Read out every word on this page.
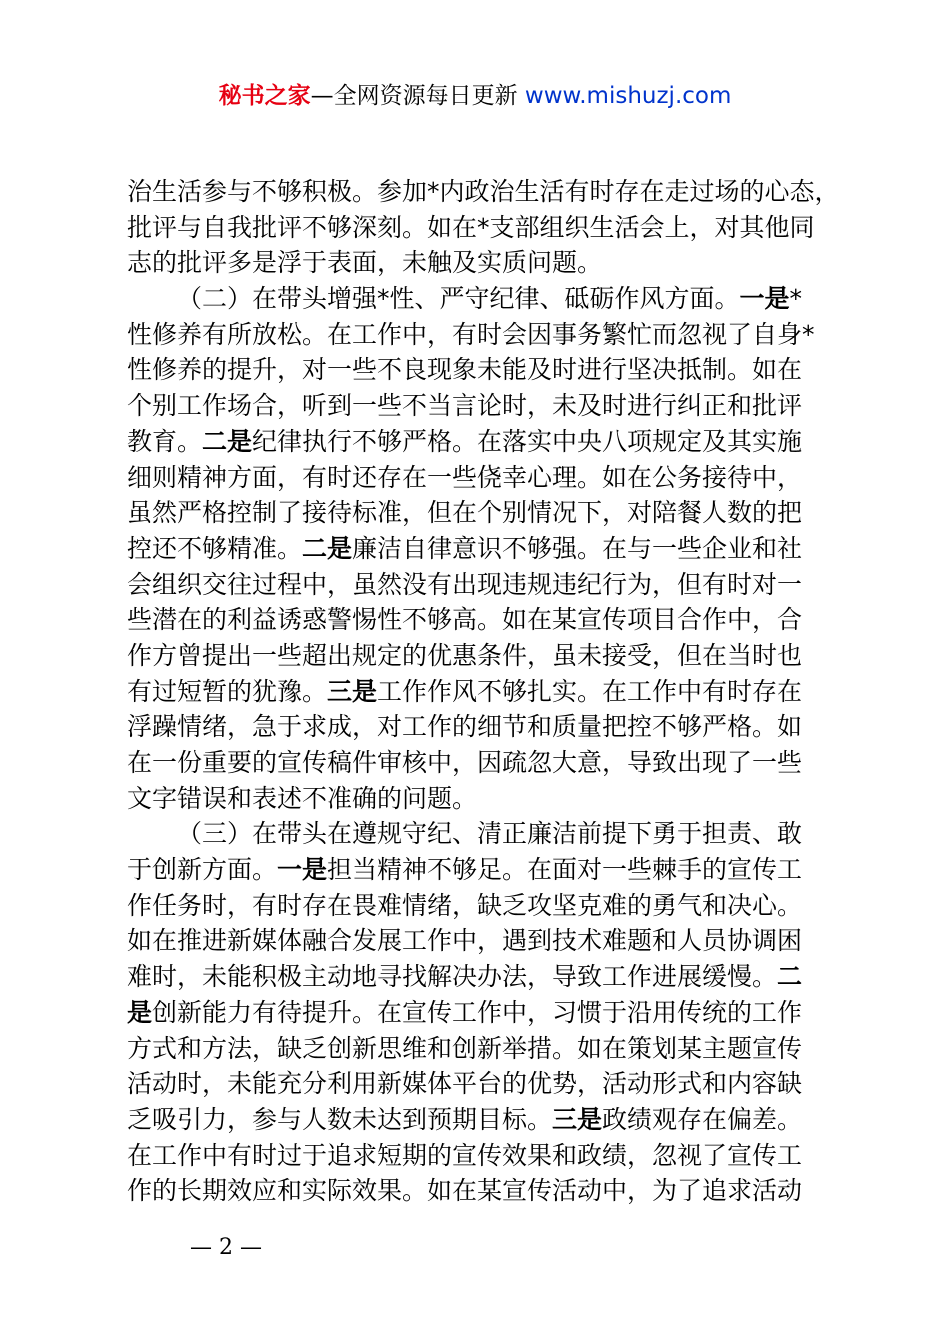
秘书之家—全网资源每日更新 www.mishuzj.com
治生活参与不够积极。参加*内政治生活有时存在走过场的心态，
批评与自我批评不够深刻。如在*支部组织生活会上，对其他同
志的批评多是浮于表面，未触及实质问题。
（二）在带头增强*性、严守纪律、砥砺作风方面。一是*
性修养有所放松。在工作中，有时会因事务繁忙而忽视了自身*
性修养的提升，对一些不良现象未能及时进行坚决抵制。如在
个别工作场合，听到一些不当言论时，未及时进行纠正和批评
教育。二是纪律执行不够严格。在落实中央八项规定及其实施
细则精神方面，有时还存在一些侥幸心理。如在公务接待中，
虽然严格控制了接待标准，但在个别情况下，对陪餐人数的把
控还不够精准。二是廉洁自律意识不够强。在与一些企业和社
会组织交往过程中，虽然没有出现违规违纪行为，但有时对一
些潜在的利益诱惑警惕性不够高。如在某宣传项目合作中，合
作方曾提出一些超出规定的优惠条件，虽未接受，但在当时也
有过短暂的犹豫。三是工作作风不够扎实。在工作中有时存在
浮躁情绪，急于求成，对工作的细节和质量把控不够严格。如
在一份重要的宣传稿件审核中，因疏忽大意，导致出现了一些
文字错误和表述不准确的问题。
（三）在带头在遵规守纪、清正廉洁前提下勇于担责、敢
于创新方面。一是担当精神不够足。在面对一些棘手的宣传工
作任务时，有时存在畏难情绪，缺乏攻坚克难的勇气和决心。
如在推进新媒体融合发展工作中，遇到技术难题和人员协调困
难时，未能积极主动地寻找解决办法，导致工作进展缓慢。二
是创新能力有待提升。在宣传工作中，习惯于沿用传统的工作
方式和方法，缺乏创新思维和创新举措。如在策划某主题宣传
活动时，未能充分利用新媒体平台的优势，活动形式和内容缺
乏吸引力，参与人数未达到预期目标。三是政绩观存在偏差。
在工作中有时过于追求短期的宣传效果和政绩，忽视了宣传工
作的长期效应和实际效果。如在某宣传活动中，为了追求活动
— 2 —
